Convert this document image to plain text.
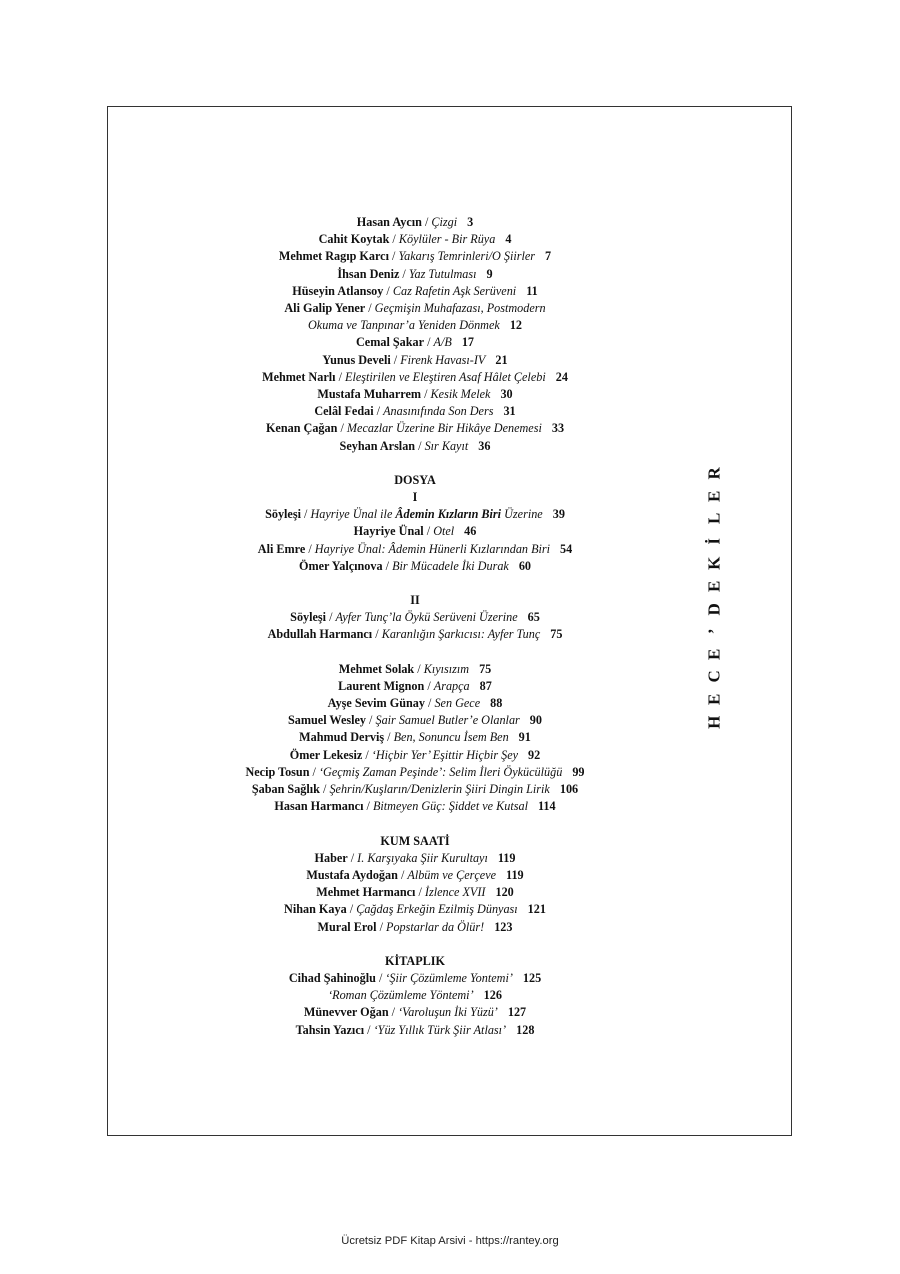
Hasan Aycın / Çizgi 3
Cahit Koytak / Köylüler - Bir Rüya 4
Mehmet Ragıp Karcı / Yakarış Temrinleri/O Şiirler 7
İhsan Deniz / Yaz Tutulması 9
Hüseyin Atlansoy / Caz Rafetin Aşk Serüveni 11
Ali Galip Yener / Geçmişin Muhafazası, Postmodern
Okuma ve Tanpınar’a Yeniden Dönmek 12
Cemal Şakar / A/B 17
Yunus Develi / Firenk Havası-IV 21
Mehmet Narlı / Eleştirilen ve Eleştiren Asaf Hâlet Çelebi 24
Mustafa Muharrem / Kesik Melek 30
Celâl Fedai / Anasınıfında Son Ders 31
Kenan Çağan / Mecazlar Üzerine Bir Hikâye Denemesi 33
Seyhan Arslan / Sır Kayıt 36
DOSYA
I
Söyleşi / Hayriye Ünal ile Âdemin Kızların Biri Üzerine 39
Hayriye Ünal / Otel 46
Ali Emre / Hayriye Ünal: Âdemin Hünerli Kızlarından Biri 54
Ömer Yalçınova / Bir Mücadele İki Durak 60
II
Söyleşi / Ayfer Tunç’la Öykü Serüveni Üzerine 65
Abdullah Harmancı / Karanlığın Şarkıcısı: Ayfer Tunç 75
Mehmet Solak / Kıyısızım 75
Laurent Mignon / Arapça 87
Ayşe Sevim Günay / Sen Gece 88
Samuel Wesley / Şair Samuel Butler’e Olanlar 90
Mahmud Derviş / Ben, Sonuncu İsem Ben 91
Ömer Lekesiz / ‘Hiçbir Yer’ Eşittir Hiçbir Şey 92
Necip Tosun / ‘Geçmiş Zaman Peşinde’: Selim İleri Öykücülüğü 99
Şaban Sağlık / Şehrin/Kuşların/Denizlerin Şiiri Dingin Lirik 106
Hasan Harmancı / Bitmeyen Güç: Şiddet ve Kutsal 114
KUM SAATİ
Haber / I. Karşıyaka Şiir Kurultayı 119
Mustafa Aydoğan / Albüm ve Çerçeve 119
Mehmet Harmancı / İzlence XVII 120
Nihan Kaya / Çağdaş Erkeğin Ezilmiş Dünyası 121
Mural Erol / Popstarlar da Ölür! 123
KİTAPLIK
Cihad Şahinoğlu / ‘Şiir Çözümleme Yontemi’ 125
‘Roman Çözümleme Yöntemi’ 126
Münevver Oğan / ‘Varoluşun İki Yüzü’ 127
Tahsin Yazıcı / ‘Yüz Yıllık Türk Şiir Atlası’ 128
R
E
L
İ
K
E
D
’
E
C
E
H
Ücretsiz PDF Kitap Arsivi - https://rantey.org
